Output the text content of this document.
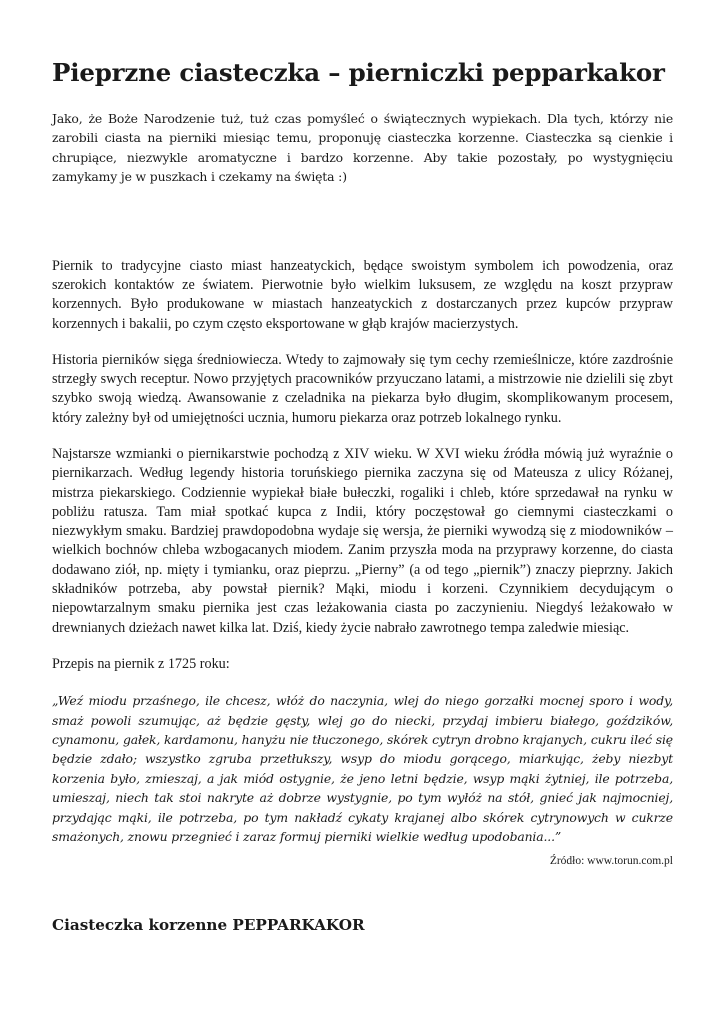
Pieprzne ciasteczka – pierniczki pepparkakor

Jako, że Boże Narodzenie tuż, tuż czas pomyśleć o świątecznych wypiekach. Dla tych, którzy nie zarobili ciasta na pierniki miesiąc temu, proponuję ciasteczka korzenne. Ciasteczka są cienkie i chrupiące, niezwykle aromatyczne i bardzo korzenne. Aby takie pozostały, po wystygnięciu zamykamy je w puszkach i czekamy na święta :)

Piernik to tradycyjne ciasto miast hanzeatyckich, będące swoistym symbolem ich powodzenia, oraz szerokich kontaktów ze światem. Pierwotnie było wielkim luksusem, ze względu na koszt przypraw korzennych. Było produkowane w miastach hanzeatyckich z dostarczanych przez kupców przypraw korzennych i bakalii, po czym często eksportowane w głąb krajów macierzystych.

Historia pierników sięga średniowiecza. Wtedy to zajmowały się tym cechy rzemieślnicze, które zazdrośnie strzegły swych receptur. Nowo przyjętych pracowników przyuczano latami, a mistrzowie nie dzielili się zbyt szybko swoją wiedzą. Awansowanie z czeladnika na piekarza było długim, skomplikowanym procesem, który zależny był od umiejętności ucznia, humoru piekarza oraz potrzeb lokalnego rynku.

Najstarsze wzmianki o piernikarstwie pochodzą z XIV wieku. W XVI wieku źródła mówią już wyraźnie o piernikarzach. Według legendy historia toruńskiego piernika zaczyna się od Mateusza z ulicy Różanej, mistrza piekarskiego. Codziennie wypiekał białe bułeczki, rogaliki i chleb, które sprzedawał na rynku w pobliżu ratusza. Tam miał spotkać kupca z Indii, który poczęstował go ciemnymi ciasteczkami o niezwykłym smaku. Bardziej prawdopodobna wydaje się wersja, że pierniki wywodzą się z miodowników – wielkich bochnów chleba wzbogacanych miodem. Zanim przyszła moda na przyprawy korzenne, do ciasta dodawano ziół, np. mięty i tymianku, oraz pieprzu. „Pierny” (a od tego „piernik”) znaczy pieprzny. Jakich składników potrzeba, aby powstał piernik? Mąki, miodu i korzeni. Czynnikiem decydującym o niepowtarzalnym smaku piernika jest czas leżakowania ciasta po zaczynieniu. Niegdyś leżakowało w drewnianych dzieżach nawet kilka lat. Dziś, kiedy życie nabrało zawrotnego tempa zaledwie miesiąc.

Przepis na piernik z 1725 roku:

„Weź miodu przaśnego, ile chcesz, włóż do naczynia, wlej do niego gorzałki mocnej sporo i wody, smaż powoli szumując, aż będzie gęsty, wlej go do niecki, przydaj imbieru białego, goździków, cynamonu, gałek, kardamonu, hanyżu nie tłuczonego, skórek cytryn drobno krajanych, cukru ileć się będzie zdało; wszystko zgruba przetłukszy, wsyp do miodu gorącego, miarkując, żeby niezbyt korzenia było, zmieszaj, a jak miód ostygnie, że jeno letni będzie, wsyp mąki żytniej, ile potrzeba, umieszaj, niech tak stoi nakryte aż dobrze wystygnie, po tym wyłóż na stół, gnieć jak najmocniej, przydając mąki, ile potrzeba, po tym nakładź cykaty krajanej albo skórek cytrynowych w cukrze smażonych, znowu przegnieć i zaraz formuj pierniki wielkie według upodobania...”

Źródło: www.torun.com.pl
Ciasteczka korzenne PEPPARKAKOR
